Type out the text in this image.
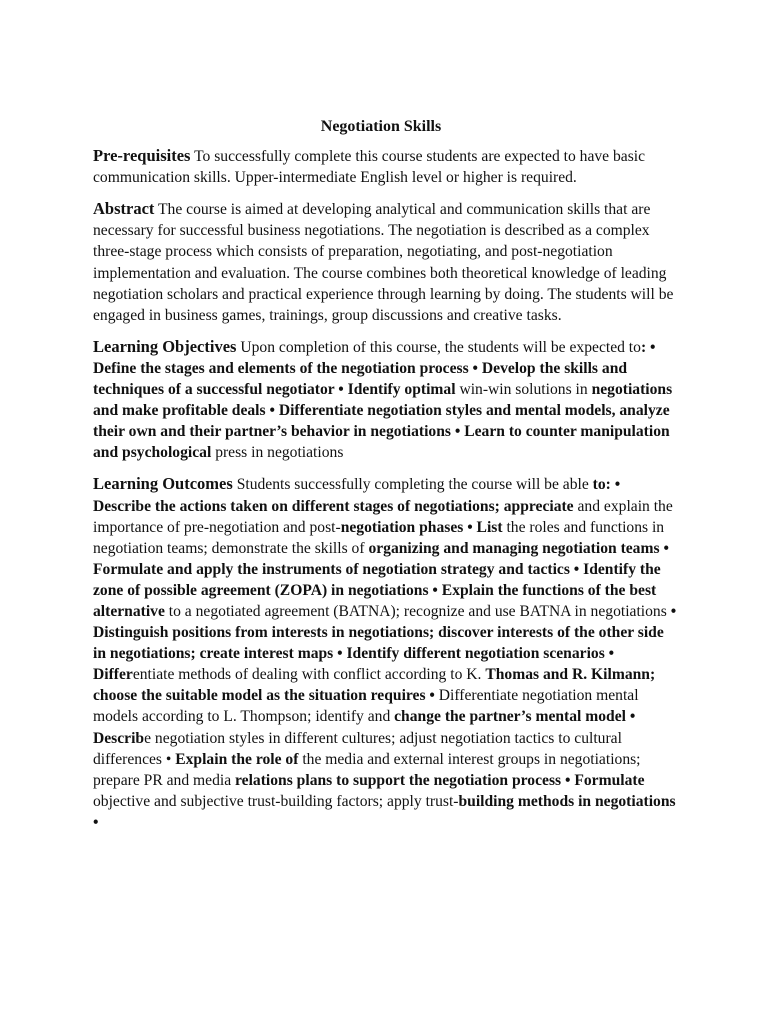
Negotiation Skills

Pre-requisites To successfully complete this course students are expected to have basic communication skills. Upper-intermediate English level or higher is required.

Abstract The course is aimed at developing analytical and communication skills that are necessary for successful business negotiations. The negotiation is described as a complex three-stage process which consists of preparation, negotiating, and post-negotiation implementation and evaluation. The course combines both theoretical knowledge of leading negotiation scholars and practical experience through learning by doing. The students will be engaged in business games, trainings, group discussions and creative tasks.

Learning Objectives Upon completion of this course, the students will be expected to: • Define the stages and elements of the negotiation process • Develop the skills and techniques of a successful negotiator • Identify optimal win-win solutions in negotiations and make profitable deals • Differentiate negotiation styles and mental models, analyze their own and their partner’s behavior in negotiations • Learn to counter manipulation and psychological press in negotiations

Learning Outcomes Students successfully completing the course will be able to: • Describe the actions taken on different stages of negotiations; appreciate and explain the importance of pre-negotiation and post-negotiation phases • List the roles and functions in negotiation teams; demonstrate the skills of organizing and managing negotiation teams • Formulate and apply the instruments of negotiation strategy and tactics • Identify the zone of possible agreement (ZOPA) in negotiations • Explain the functions of the best alternative to a negotiated agreement (BATNA); recognize and use BATNA in negotiations • Distinguish positions from interests in negotiations; discover interests of the other side in negotiations; create interest maps • Identify different negotiation scenarios • Differentiate methods of dealing with conflict according to K. Thomas and R. Kilmann; choose the suitable model as the situation requires • Differentiate negotiation mental models according to L. Thompson; identify and change the partner’s mental model • Describe negotiation styles in different cultures; adjust negotiation tactics to cultural differences • Explain the role of the media and external interest groups in negotiations; prepare PR and media relations plans to support the negotiation process • Formulate objective and subjective trust-building factors; apply trust-building methods in negotiations •
